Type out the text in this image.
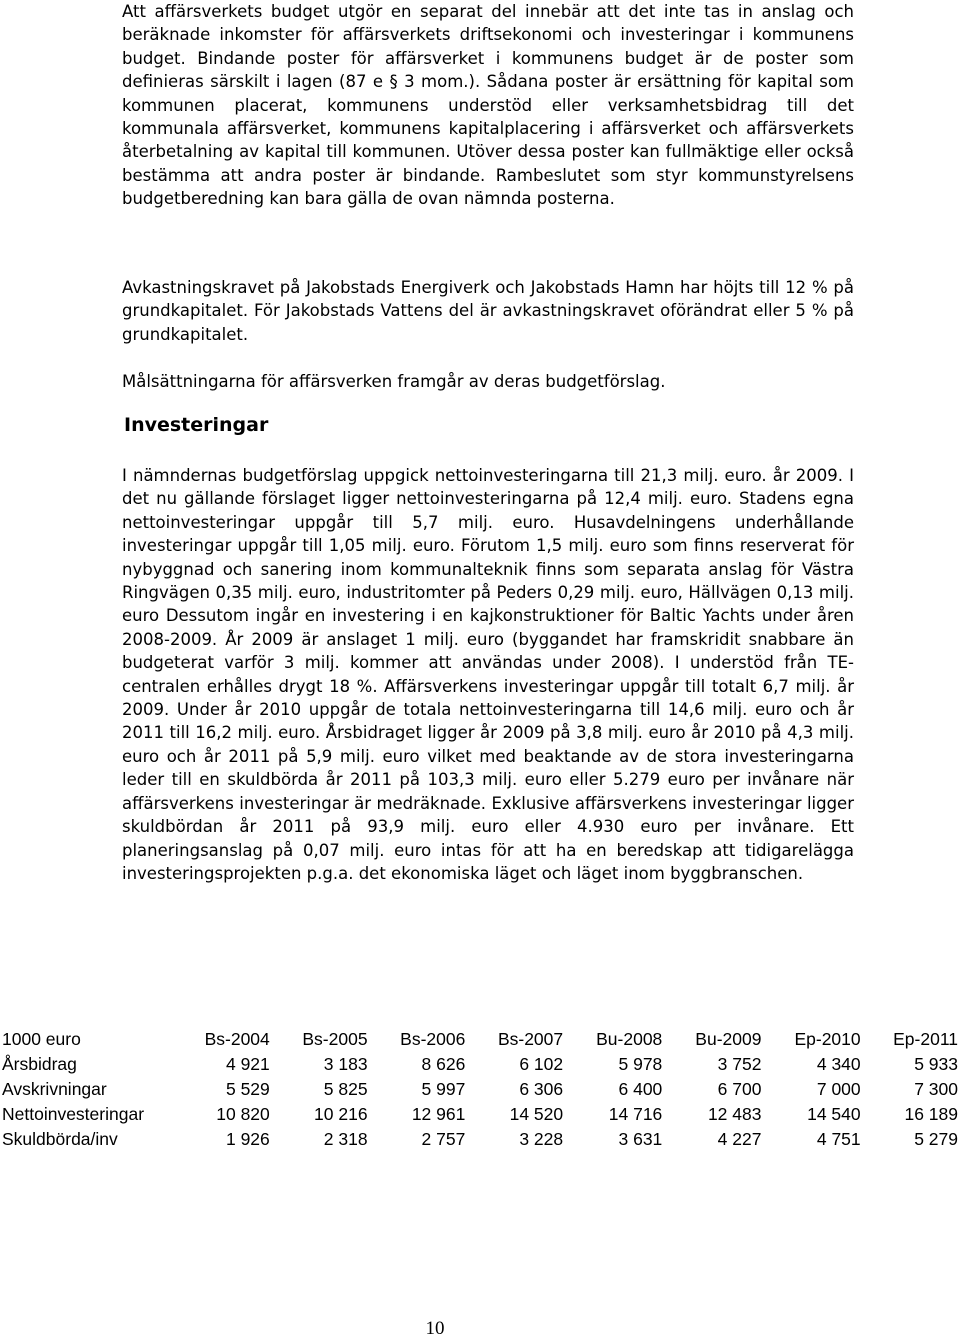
Att affärsverkets budget utgör en separat del innebär att det inte tas in anslag och beräknade inkomster för affärsverkets driftsekonomi och investeringar i kommunens budget. Bindande poster för affärsverket i kommunens budget är de poster som definieras särskilt i lagen (87 e § 3 mom.). Sådana poster är ersättning för kapital som kommunen placerat, kommunens understöd eller verksamhetsbidrag till det kommunala affärsverket, kommunens kapitalplacering i affärsverket och affärsverkets återbetalning av kapital till kommunen. Utöver dessa poster kan fullmäktige eller också bestämma att andra poster är bindande. Rambeslutet som styr kommunstyrelsens budgetberedning kan bara gälla de ovan nämnda posterna.
Avkastningskravet på Jakobstads Energiverk och Jakobstads Hamn har höjts till 12 % på grundkapitalet. För Jakobstads Vattens del är avkastningskravet oförändrat eller 5 % på grundkapitalet.
Målsättningarna för affärsverken framgår av deras budgetförslag.
Investeringar
I nämndernas budgetförslag uppgick nettoinvesteringarna till 21,3 milj. euro. år 2009. I det nu gällande förslaget ligger nettoinvesteringarna på 12,4 milj. euro. Stadens egna nettoinvesteringar uppgår till 5,7 milj. euro. Husavdelningens underhållande investeringar uppgår till 1,05 milj. euro. Förutom 1,5 milj. euro som finns reserverat för nybyggnad och sanering inom kommunalteknik finns som separata anslag för Västra Ringvägen 0,35 milj. euro, industritomter på Peders 0,29 milj. euro, Hällvägen 0,13 milj. euro Dessutom ingår en investering i en kajkonstruktioner för Baltic Yachts under åren 2008-2009. År 2009 är anslaget 1 milj. euro (byggandet har framskridit snabbare än budgeterat varför 3 milj. kommer att användas under 2008). I understöd från TE-centralen erhålles drygt 18 %. Affärsverkens investeringar uppgår till totalt 6,7 milj. år 2009. Under år 2010 uppgår de totala nettoinvesteringarna till 14,6 milj. euro och år 2011 till 16,2 milj. euro. Årsbidraget ligger år 2009 på 3,8 milj. euro år 2010 på 4,3 milj. euro och år 2011 på 5,9 milj. euro vilket med beaktande av de stora investeringarna leder till en skuldbörda år 2011 på 103,3 milj. euro eller 5.279 euro per invånare när affärsverkens investeringar är medräknade. Exklusive affärsverkens investeringar ligger skuldbördan år 2011 på 93,9 milj. euro eller 4.930 euro per invånare. Ett planeringsanslag på 0,07 milj. euro intas för att ha en beredskap att tidigarelägga investeringsprojekten p.g.a. det ekonomiska läget och läget inom byggbranschen.
1000 euro	Bs-2004	Bs-2005	Bs-2006	Bs-2007	Bu-2008	Bu-2009	Ep-2010	Ep-2011
Årsbidrag	4 921	3 183	8 626	6 102	5 978	3 752	4 340	5 933
Avskrivningar	5 529	5 825	5 997	6 306	6 400	6 700	7 000	7 300
Nettoinvesteringar	10 820	10 216	12 961	14 520	14 716	12 483	14 540	16 189
Skuldbörda/inv	1 926	2 318	2 757	3 228	3 631	4 227	4 751	5 279
10
